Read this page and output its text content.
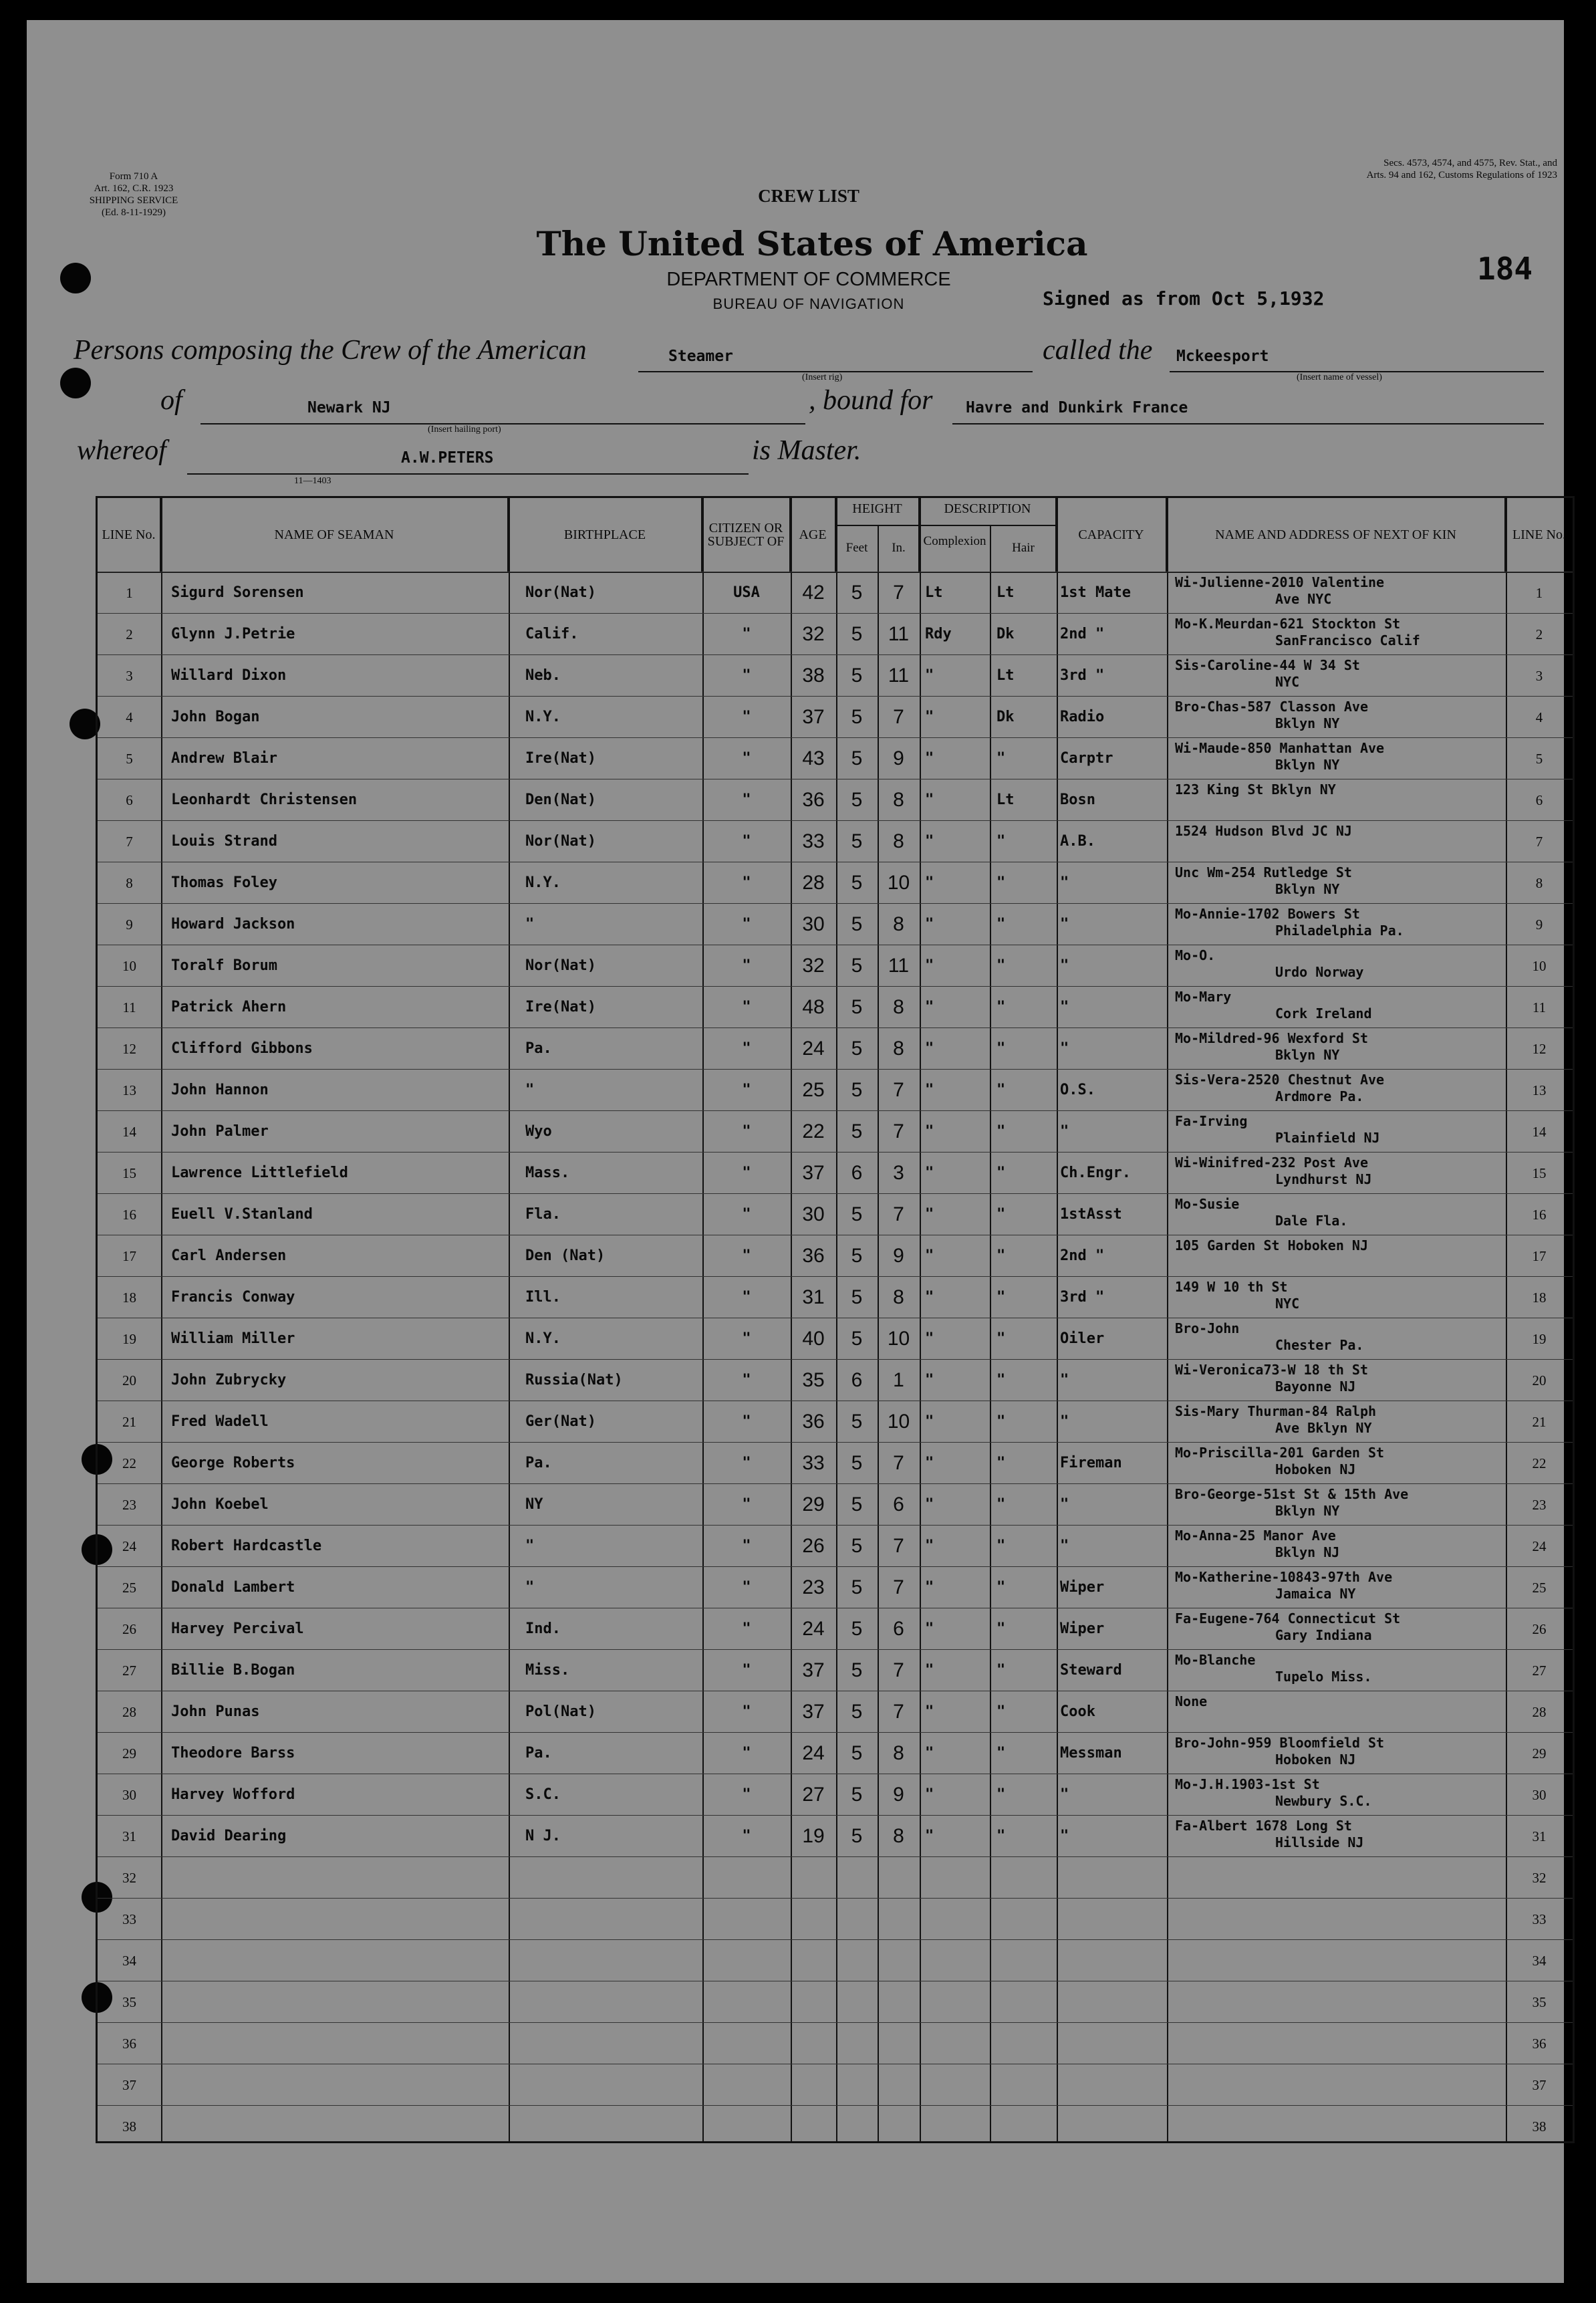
Form 710 A
Art. 162, C.R. 1923
SHIPPING SERVICE
(Ed. 8-11-1929)
Secs. 4573, 4574, and 4575, Rev. Stat., and
Arts. 94 and 162, Customs Regulations of 1923
184
CREW LIST
The United States of America
DEPARTMENT OF COMMERCE
BUREAU OF NAVIGATION	Signed as from Oct 5,1932
Persons composing the Crew of the American	Steamer
(Insert rig)
called the Mckeesport
(Insert name of vessel)
of	Newark NJ
(Insert hailing port)
, bound for Havre and Dunkirk France
whereof	A.W.PETERS	is Master.
11—1403
LINE No.	NAME OF SEAMAN	BIRTHPLACE	CITIZEN OR SUBJECT OF	AGE
HEIGHT	DESCRIPTION
CAPACITY	NAME AND ADDRESS OF NEXT OF KIN	LINE No.
Feet	In.	Complexion	Hair
1	Sigurd Sorensen	Nor(Nat)	USA	42	5	7	Lt	Lt	1st Mate	1
Wi-Julienne-2010 Valentine
Ave NYC
2	Glynn J.Petrie	Calif.	"	32	5	11	Rdy	Dk	2nd "	2
Mo-K.Meurdan-621 Stockton St
SanFrancisco Calif
3	Willard Dixon	Neb.	"	38	5	11	"	Lt	3rd "	3
Sis-Caroline-44 W 34 St
NYC
4	John Bogan	N.Y.	"	37	5	7	"	Dk	Radio	4
Bro-Chas-587 Classon Ave
Bklyn NY
5	Andrew Blair	Ire(Nat)	"	43	5	9	"	"	Carptr	5
Wi-Maude-850 Manhattan Ave
Bklyn NY
6	Leonhardt Christensen	Den(Nat)	"	36	5	8	"	Lt	Bosn	6
123 King St Bklyn NY
7	Louis Strand	Nor(Nat)	"	33	5	8	"	"	A.B.	7
1524 Hudson Blvd JC NJ
8	Thomas Foley	N.Y.	"	28	5	10	"	"	"	8
Unc Wm-254 Rutledge St
Bklyn NY
9	Howard Jackson	"	"	30	5	8	"	"	"	9
Mo-Annie-1702 Bowers St
Philadelphia Pa.
10	Toralf Borum	Nor(Nat)	"	32	5	11	"	"	"	10
Mo-O.
Urdo Norway
11	Patrick Ahern	Ire(Nat)	"	48	5	8	"	"	"	11
Mo-Mary
Cork Ireland
12	Clifford Gibbons	Pa.	"	24	5	8	"	"	"	12
Mo-Mildred-96 Wexford St
Bklyn NY
13	John Hannon	"	"	25	5	7	"	"	O.S.	13
Sis-Vera-2520 Chestnut Ave
Ardmore Pa.
14	John Palmer	Wyo	"	22	5	7	"	"	"	14
Fa-Irving
Plainfield NJ
15	Lawrence Littlefield	Mass.	"	37	6	3	"	"	Ch.Engr.	15
Wi-Winifred-232 Post Ave
Lyndhurst NJ
16	Euell V.Stanland	Fla.	"	30	5	7	"	"	1stAsst	16
Mo-Susie
Dale Fla.
17	Carl Andersen	Den (Nat)	"	36	5	9	"	"	2nd "	17
105 Garden St Hoboken NJ
18	Francis Conway	Ill.	"	31	5	8	"	"	3rd "	18
149 W 10 th St
NYC
19	William Miller	N.Y.	"	40	5	10	"	"	Oiler	19
Bro-John
Chester Pa.
20	John Zubrycky	Russia(Nat)	"	35	6	1	"	"	"	20
Wi-Veronica73-W 18 th St
Bayonne NJ
21	Fred Wadell	Ger(Nat)	"	36	5	10	"	"	"	21
Sis-Mary Thurman-84 Ralph
Ave Bklyn NY
22	George Roberts	Pa.	"	33	5	7	"	"	Fireman	22
Mo-Priscilla-201 Garden St
Hoboken NJ
23	John Koebel	NY	"	29	5	6	"	"	"	23
Bro-George-51st St & 15th Ave
Bklyn NY
24	Robert Hardcastle	"	"	26	5	7	"	"	"	24
Mo-Anna-25 Manor Ave
Bklyn NJ
25	Donald Lambert	"	"	23	5	7	"	"	Wiper	25
Mo-Katherine-10843-97th Ave
Jamaica NY
26	Harvey Percival	Ind.	"	24	5	6	"	"	Wiper	26
Fa-Eugene-764 Connecticut St
Gary Indiana
27	Billie B.Bogan	Miss.	"	37	5	7	"	"	Steward	27
Mo-Blanche
Tupelo Miss.
28	John Punas	Pol(Nat)	"	37	5	7	"	"	Cook	28
None
29	Theodore Barss	Pa.	"	24	5	8	"	"	Messman	29
Bro-John-959 Bloomfield St
Hoboken NJ
30	Harvey Wofford	S.C.	"	27	5	9	"	"	"	30
Mo-J.H.1903-1st St
Newbury S.C.
31	David Dearing	N J.	"	19	5	8	"	"	"	31
Fa-Albert 1678 Long St
Hillside NJ
32	32
33	33
34	34
35	35
36	36
37	37
38	38
